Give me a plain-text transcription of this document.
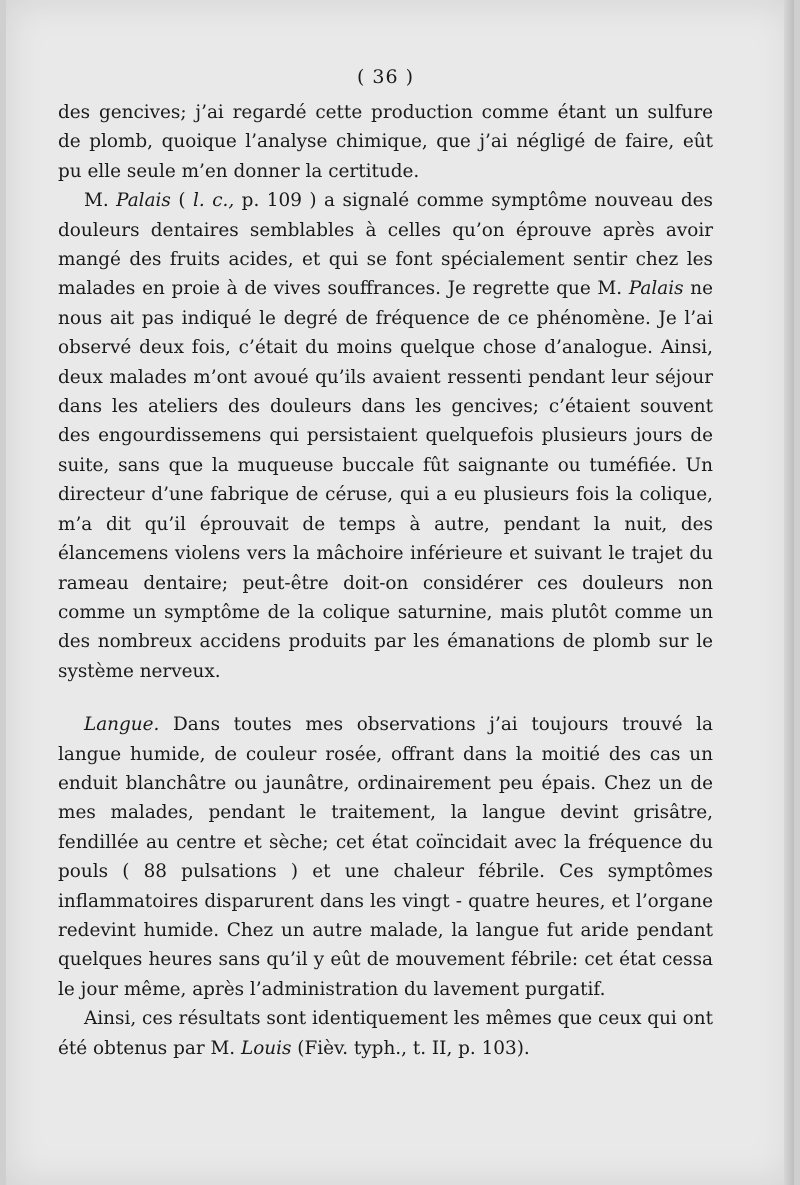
( 36 )

des gencives; j’ai regardé cette production comme étant un sulfure de plomb, quoique l’analyse chimique, que j’ai négligé de faire, eût pu elle seule m’en donner la certitude.

M. Palais ( l. c., p. 109 ) a signalé comme symptôme nouveau des douleurs dentaires semblables à celles qu’on éprouve après avoir mangé des fruits acides, et qui se font spécialement sentir chez les malades en proie à de vives souffrances. Je regrette que M. Palais ne nous ait pas indiqué le degré de fréquence de ce phénomène. Je l’ai observé deux fois, c’était du moins quelque chose d’analogue. Ainsi, deux malades m’ont avoué qu’ils avaient ressenti pendant leur séjour dans les ateliers des douleurs dans les gencives; c’étaient souvent des engourdissemens qui persistaient quelquefois plusieurs jours de suite, sans que la muqueuse buccale fût saignante ou tuméfiée. Un directeur d’une fabrique de céruse, qui a eu plusieurs fois la colique, m’a dit qu’il éprouvait de temps à autre, pendant la nuit, des élancemens violens vers la mâchoire inférieure et suivant le trajet du rameau dentaire; peut-être doit-on considérer ces douleurs non comme un symptôme de la colique saturnine, mais plutôt comme un des nombreux accidens produits par les émanations de plomb sur le système nerveux.

Langue. Dans toutes mes observations j’ai toujours trouvé la langue humide, de couleur rosée, offrant dans la moitié des cas un enduit blanchâtre ou jaunâtre, ordinairement peu épais. Chez un de mes malades, pendant le traitement, la langue devint grisâtre, fendillée au centre et sèche; cet état coïncidait avec la fréquence du pouls ( 88 pulsations ) et une chaleur fébrile. Ces symptômes inflammatoires disparurent dans les vingt - quatre heures, et l’organe redevint humide. Chez un autre malade, la langue fut aride pendant quelques heures sans qu’il y eût de mouvement fébrile: cet état cessa le jour même, après l’administration du lavement purgatif.

Ainsi, ces résultats sont identiquement les mêmes que ceux qui ont été obtenus par M. Louis (Fièv. typh., t. II, p. 103).
